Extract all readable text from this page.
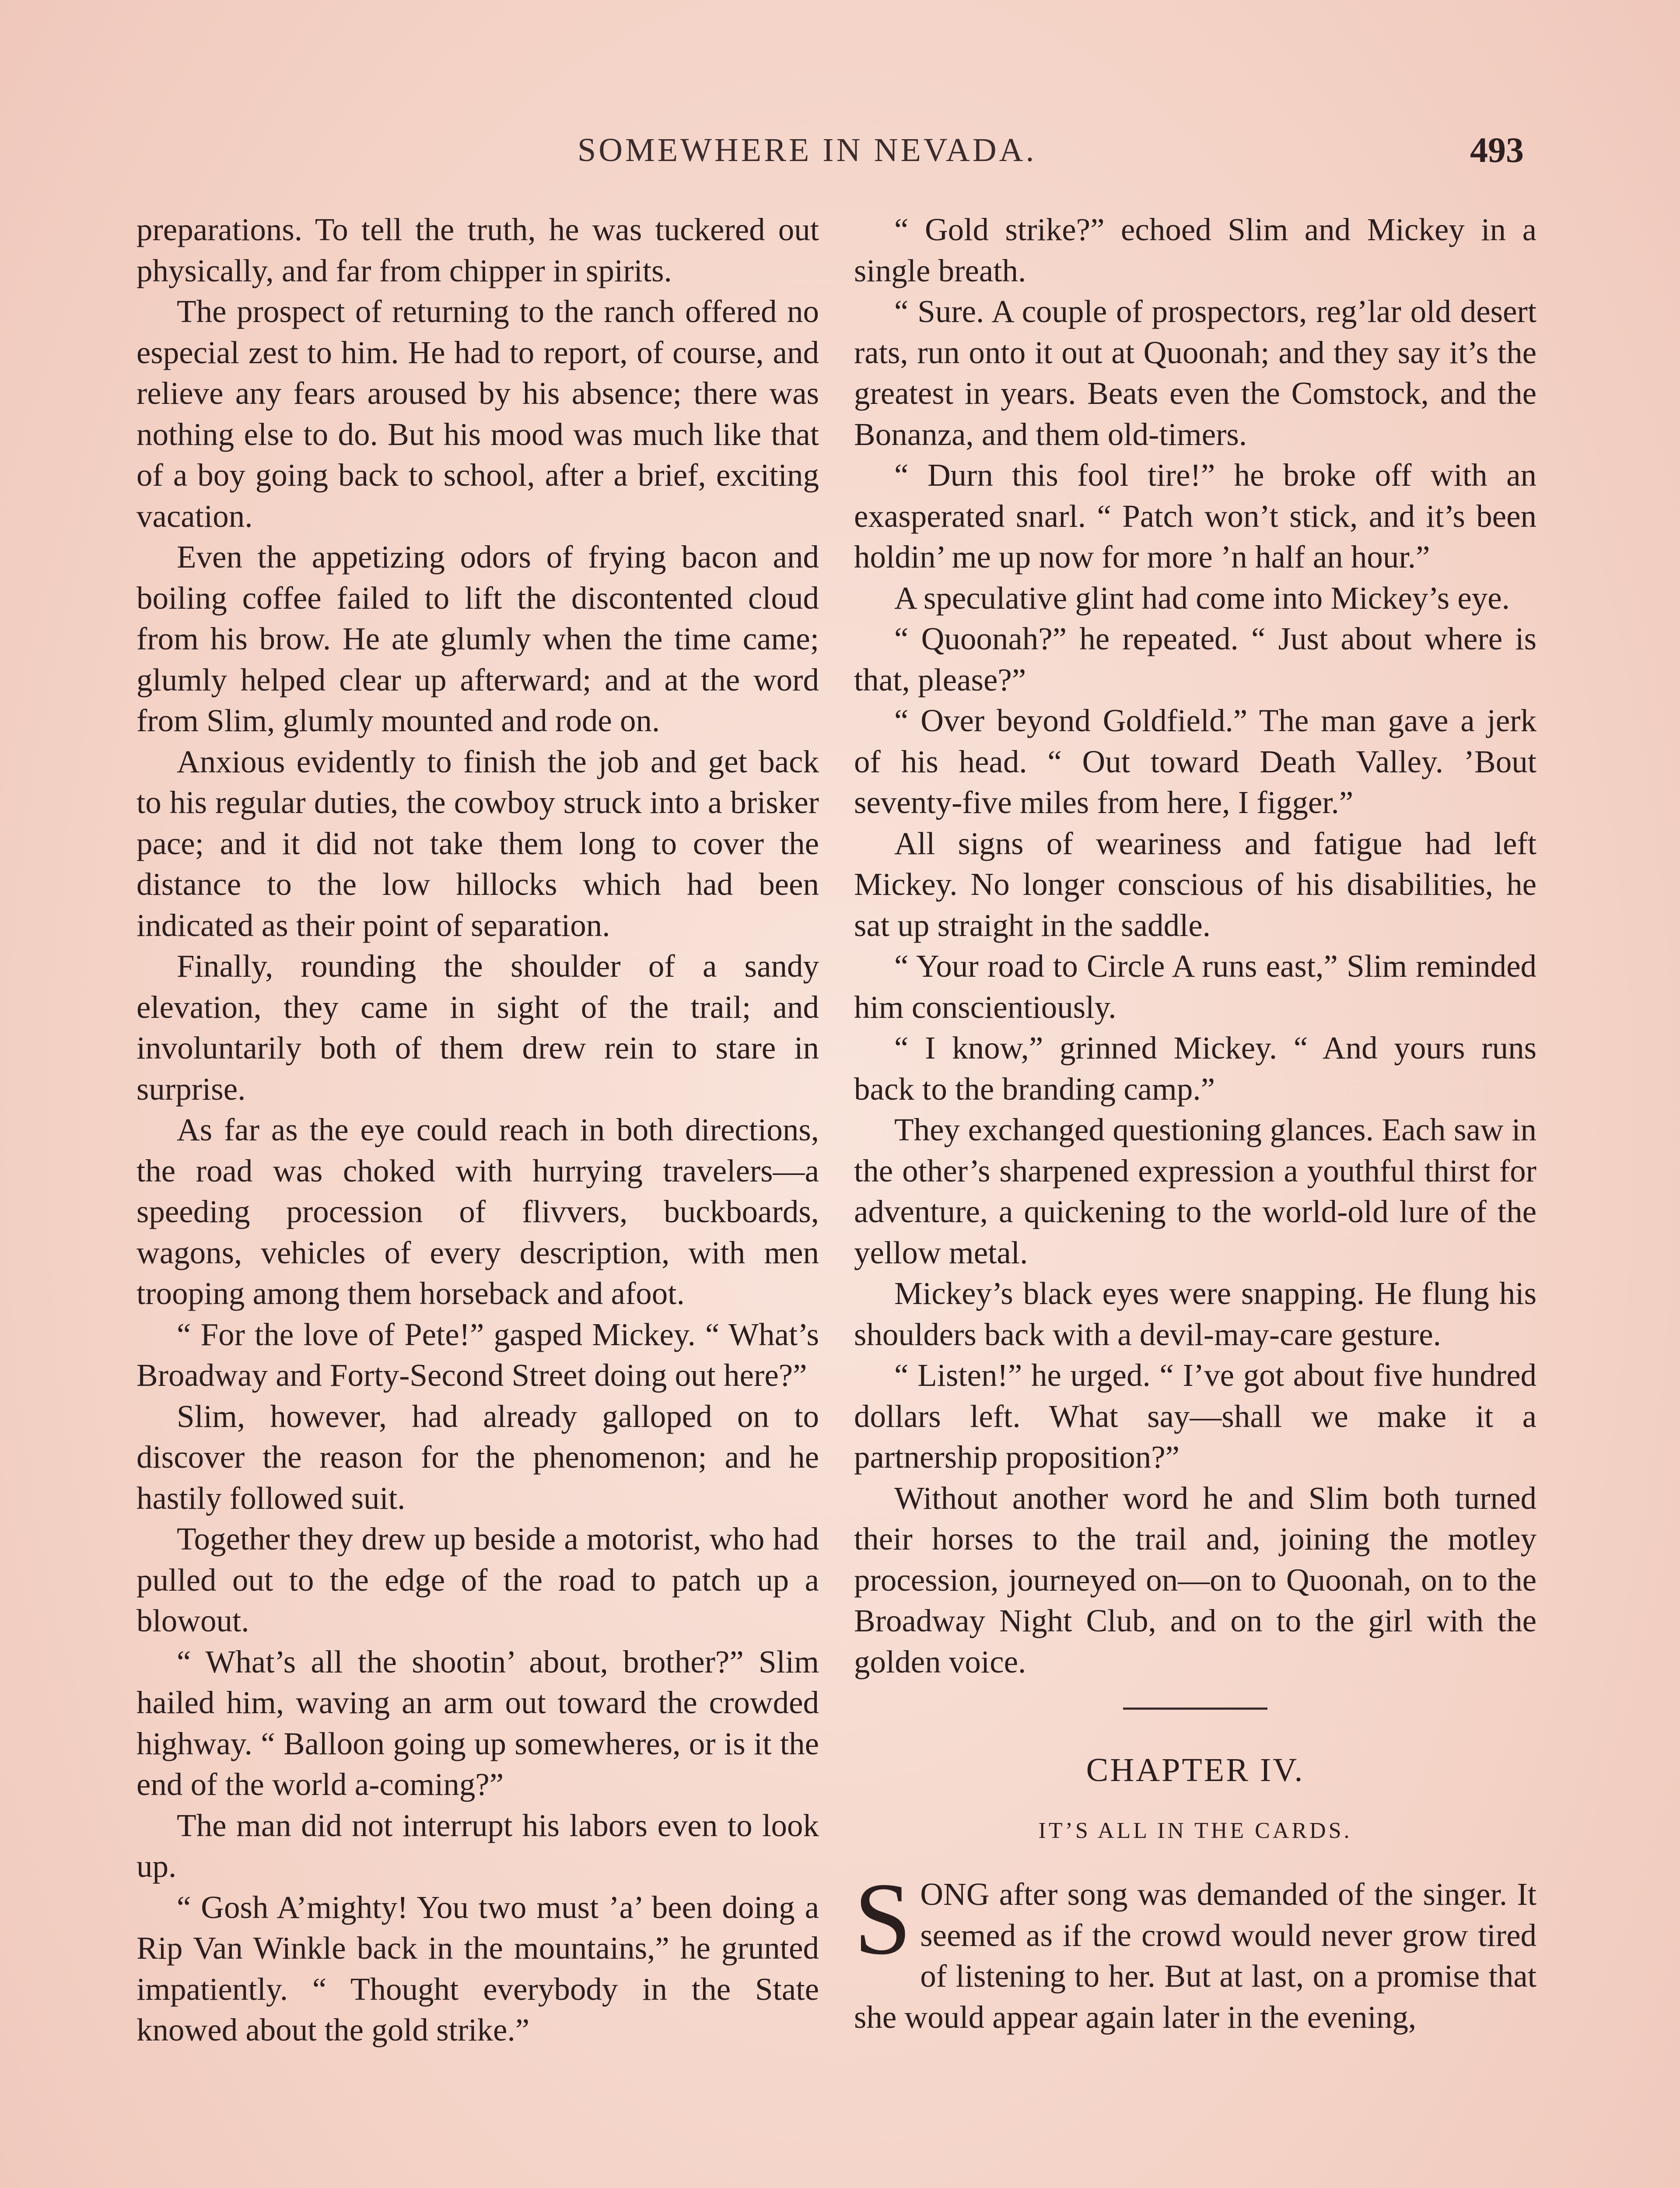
SOMEWHERE IN NEVADA.	493

preparations. To tell the truth, he was tuckered out physically, and far from chipper in spirits.

The prospect of returning to the ranch offered no especial zest to him. He had to report, of course, and relieve any fears aroused by his absence; there was nothing else to do. But his mood was much like that of a boy going back to school, after a brief, exciting vacation.

Even the appetizing odors of frying bacon and boiling coffee failed to lift the discontented cloud from his brow. He ate glumly when the time came; glumly helped clear up afterward; and at the word from Slim, glumly mounted and rode on.

Anxious evidently to finish the job and get back to his regular duties, the cowboy struck into a brisker pace; and it did not take them long to cover the distance to the low hillocks which had been indicated as their point of separation.

Finally, rounding the shoulder of a sandy elevation, they came in sight of the trail; and involuntarily both of them drew rein to stare in surprise.

As far as the eye could reach in both directions, the road was choked with hurrying travelers—a speeding procession of flivvers, buckboards, wagons, vehicles of every description, with men trooping among them horseback and afoot.

“ For the love of Pete!” gasped Mickey. “ What’s Broadway and Forty-Second Street doing out here?”

Slim, however, had already galloped on to discover the reason for the phenomenon; and he hastily followed suit.

Together they drew up beside a motorist, who had pulled out to the edge of the road to patch up a blowout.

“ What’s all the shootin’ about, brother?” Slim hailed him, waving an arm out toward the crowded highway. “ Balloon going up somewheres, or is it the end of the world a-coming?”

The man did not interrupt his labors even to look up.

“ Gosh A’mighty! You two must ’a’ been doing a Rip Van Winkle back in the mountains,” he grunted impatiently. “ Thought everybody in the State knowed about the gold strike.”

“ Gold strike?” echoed Slim and Mickey in a single breath.

“ Sure. A couple of prospectors, reg’lar old desert rats, run onto it out at Quoonah; and they say it’s the greatest in years. Beats even the Comstock, and the Bonanza, and them old-timers.

“ Durn this fool tire!” he broke off with an exasperated snarl. “ Patch won’t stick, and it’s been holdin’ me up now for more ’n half an hour.”

A speculative glint had come into Mickey’s eye.

“ Quoonah?” he repeated. “ Just about where is that, please?”

“ Over beyond Goldfield.” The man gave a jerk of his head. “ Out toward Death Valley. ’Bout seventy-five miles from here, I figger.”

All signs of weariness and fatigue had left Mickey. No longer conscious of his disabilities, he sat up straight in the saddle.

“ Your road to Circle A runs east,” Slim reminded him conscientiously.

“ I know,” grinned Mickey. “ And yours runs back to the branding camp.”

They exchanged questioning glances. Each saw in the other’s sharpened expression a youthful thirst for adventure, a quickening to the world-old lure of the yellow metal.

Mickey’s black eyes were snapping. He flung his shoulders back with a devil-may-care gesture.

“ Listen!” he urged. “ I’ve got about five hundred dollars left. What say—shall we make it a partnership proposition?”

Without another word he and Slim both turned their horses to the trail and, joining the motley procession, journeyed on—on to Quoonah, on to the Broadway Night Club, and on to the girl with the golden voice.

CHAPTER IV.
IT’S ALL IN THE CARDS.

SONG after song was demanded of the singer. It seemed as if the crowd would never grow tired of listening to her. But at last, on a promise that she would appear again later in the evening,
